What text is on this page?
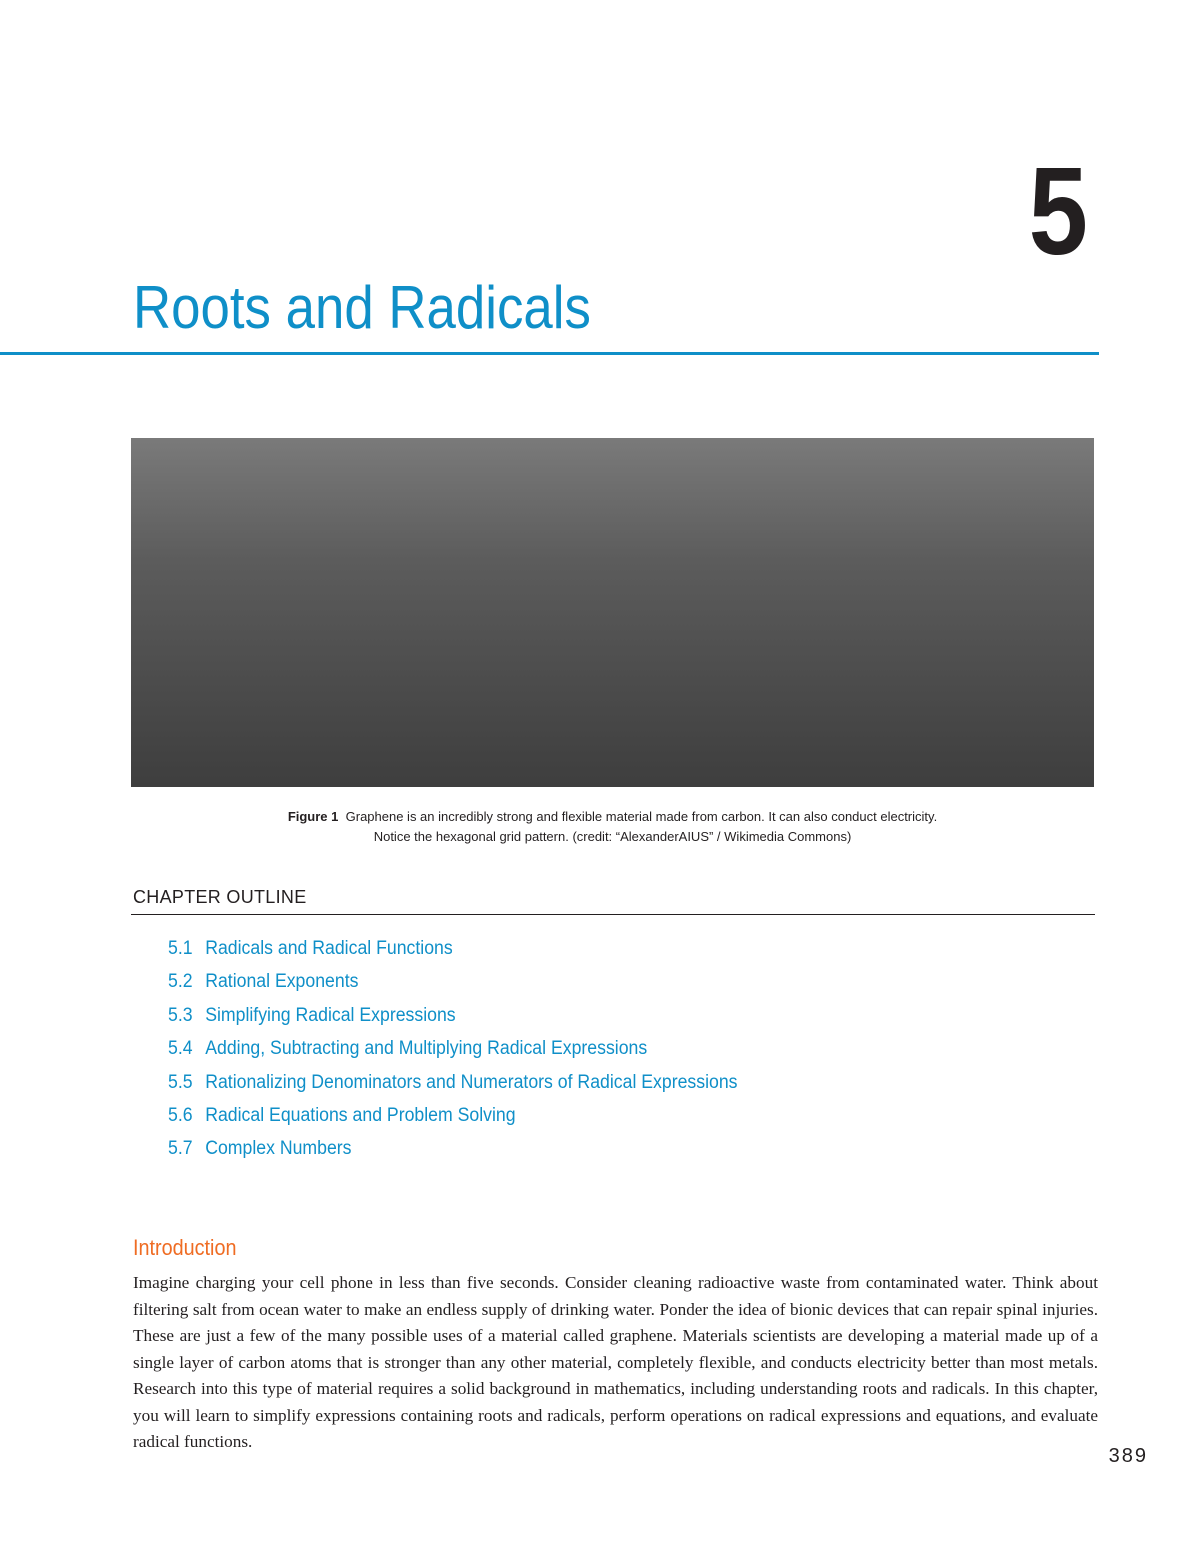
5
Roots and Radicals
Figure 1 Graphene is an incredibly strong and flexible material made from carbon. It can also conduct electricity.
Notice the hexagonal grid pattern. (credit: “AlexanderAIUS” / Wikimedia Commons)
CHAPTER OUTLINE
5.1 Radicals and Radical Functions
5.2 Rational Exponents
5.3 Simplifying Radical Expressions
5.4 Adding, Subtracting and Multiplying Radical Expressions
5.5 Rationalizing Denominators and Numerators of Radical Expressions
5.6 Radical Equations and Problem Solving
5.7 Complex Numbers
Introduction

Imagine charging your cell phone in less than five seconds. Consider cleaning radioactive waste from contaminated water. Think about filtering salt from ocean water to make an endless supply of drinking water. Ponder the idea of bionic devices that can repair spinal injuries. These are just a few of the many possible uses of a material called graphene. Materials scientists are developing a material made up of a single layer of carbon atoms that is stronger than any other material, completely flexible, and conducts electricity better than most metals. Research into this type of material requires a solid background in mathematics, including understanding roots and radicals. In this chapter, you will learn to simplify expressions containing roots and radicals, perform operations on radical expressions and equations, and evaluate radical functions.

389
